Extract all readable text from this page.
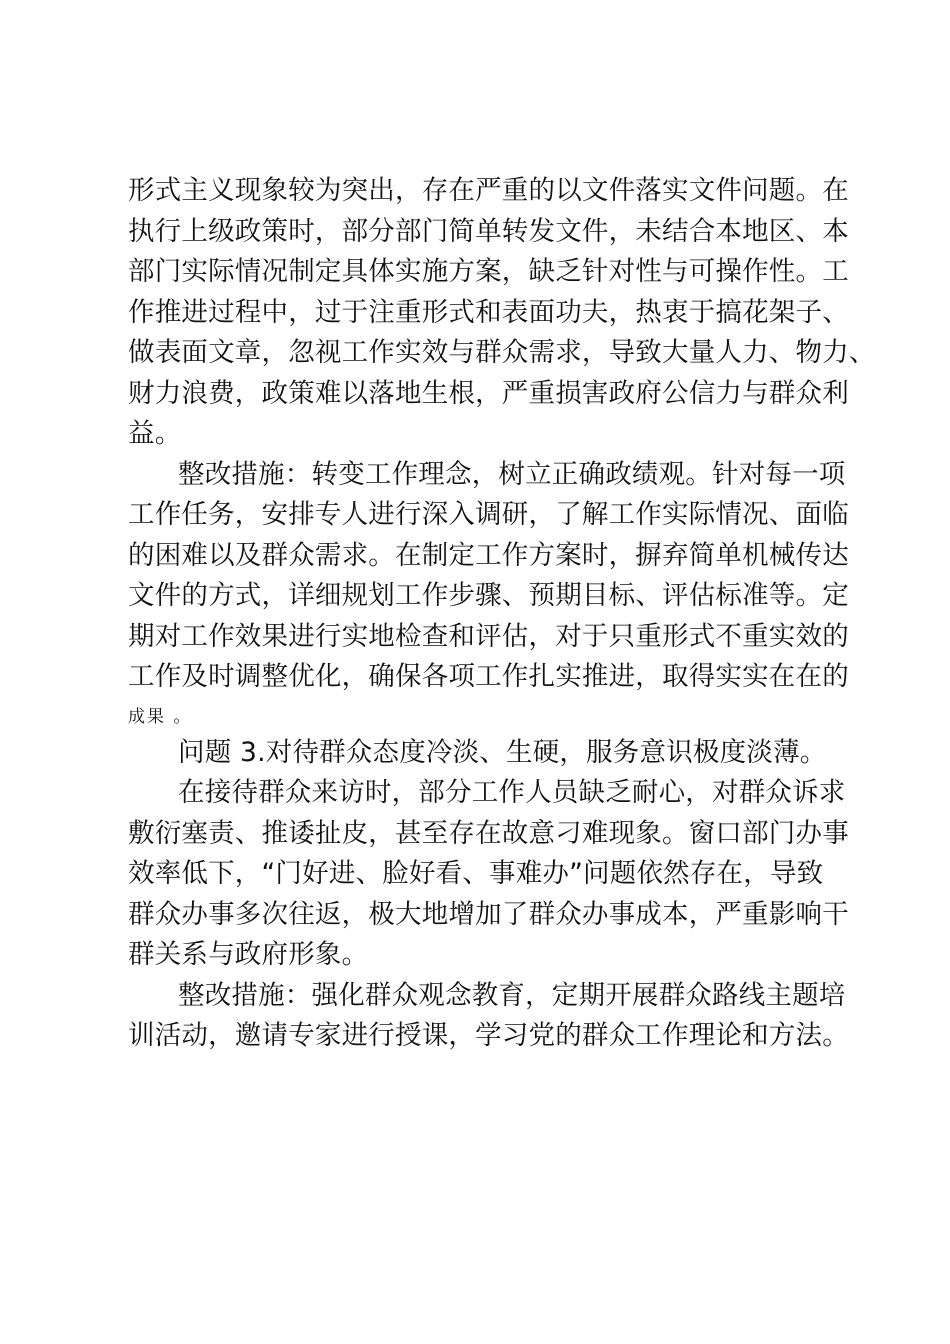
形式主义现象较为突出，存在严重的以文件落实文件问题。在
执行上级政策时，部分部门简单转发文件，未结合本地区、本
部门实际情况制定具体实施方案，缺乏针对性与可操作性。工
作推进过程中，过于注重形式和表面功夫，热衷于搞花架子、
做表面文章，忽视工作实效与群众需求，导致大量人力、物力、
财力浪费，政策难以落地生根，严重损害政府公信力与群众利
益。
整改措施：转变工作理念，树立正确政绩观。针对每一项
工作任务，安排专人进行深入调研，了解工作实际情况、面临
的困难以及群众需求。在制定工作方案时，摒弃简单机械传达
文件的方式，详细规划工作步骤、预期目标、评估标准等。定
期对工作效果进行实地检查和评估，对于只重形式不重实效的
工作及时调整优化，确保各项工作扎实推进，取得实实在在的
成果 。
问题 3.对待群众态度冷淡、生硬，服务意识极度淡薄。
在接待群众来访时，部分工作人员缺乏耐心，对群众诉求
敷衍塞责、推诿扯皮，甚至存在故意刁难现象。窗口部门办事
效率低下，“门好进、脸好看、事难办”问题依然存在，导致
群众办事多次往返，极大地增加了群众办事成本，严重影响干
群关系与政府形象。
整改措施：强化群众观念教育，定期开展群众路线主题培
训活动，邀请专家进行授课，学习党的群众工作理论和方法。
